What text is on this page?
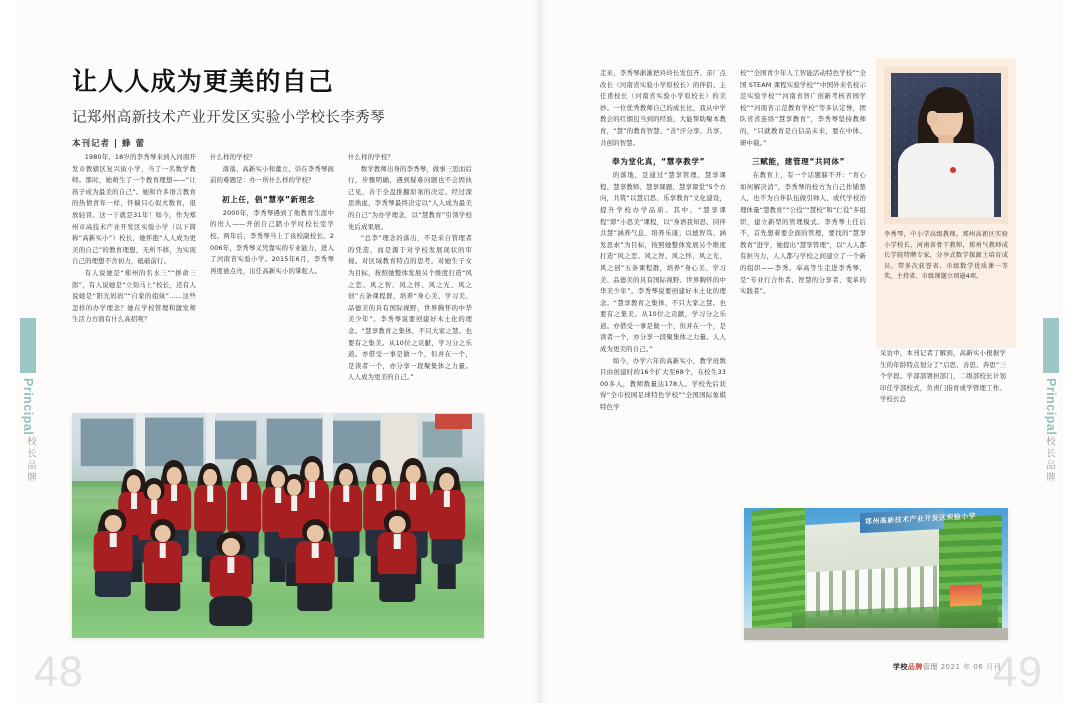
Principal
校长品牌
让人人成为更美的自己
记郑州高新技术产业开发区实验小学校长李秀琴
本刊记者 | 蜂 蕾

1980年，18岁的李秀琴来到入河南开发市教辖区复兴街小学，当了一名数学教师。那时，她萌生了一个教育理想——“让孩子成为最美的自己”。她和许多语言教育的热情青年一样，怀揣只心似火数育，很放轻冒。这一干就是31年！如今，作为郑州市高技术产业开发区实验小学（以下简称“高新实小”）校长，她怀抱“人人成为更美的自己”的教育理想，无所不移，为实现自己的理想不舍初力，砥砺前行。

有人说她是“郑州的名水三”“拼命三郎”，有人说她是“立刻马上”校长，还有人说她是“阳光妈妈”“自家的姐妹”……这些怎样的办学理念？她在学校管理和激发师生活力方面有什么高招呢？

什么样的学校？

落落、高新实小和董立、崇在李秀琴面前的难题是：办一所什么样的学校？

初上任，倡“慧享”新理念

2000年，李秀琴遇到了他教育生涯中的贵人——开创自己踏小学时校长室学校。两年后，李秀琴当上了该校副校长。2006年，李秀琴又凭靠实的专业能力，进入了河南省实验小学。2015年6月，李秀琴再度被点亮，出任高新实小的掌舵人。

什么样的学校？

数学教师出身的李秀琴，做事三思而后行，步骤明确，遇到疑难问题也不会固执己见，善于全盘推翻原案的决定。经过深思熟虑，李秀琴最终决定以“人人成为最美的自己”为办学理念，以“慧教育”引领学校先后成果展。

“总李”理念的落出，不是来自管理者的凭造，而是源于对学校发展现状的审视。对区域教育特点的思考。对她生子女为目标，按照她整体发展另个维度打造“风之恋、风之智、风之怀、风之光、风之创”五条课程群，培养“身心美、学习美、品德美的具有国际视野，世界胸怀的中华美少年”。李秀琴说要创建好木土化的理念。“慧享教育之集体，不只大家之慧。也要有之集美。从10位之贡献，学习分之乐道。亦借受一事是做一个，但并在一个，是读者一个，亦分享一段聚集体之力量。人人成为更美的自己。”

48
Principal
校长品牌
49
学校品牌管理 2021 年 06 月刊

走来，李秀琴渐渐把玲玲长发包齐、亲厂点改长（河南省实验小学原校长）的伴侣、主任甫校长（河南省实验小学原校长）的美妙。一位优秀教师自己的成长比，我从中学教会的红烟包当到的经验，大能帮助聚本教育，“慧”的教育智慧、“善”汗分享、共享、共创的智慧。

奉为堂化真，“慧享教学”

的落地，是通过“慧享管理、慧享课程、慧享教师、慧享课题、慧享课堂”5个方向，共筑“以慧启思、乐享教育”文化建设，提升学校办学品质。其中，“慧享课程”即“小思美”课程，以“身语我知思、同伴共慧”涵养气息、培养乐康；以德智笃、涵发思索”为目标，按照她整体发展另个维度打造“风之恋、风之智、风之怀、风之光、风之创”五条课程群，培养“身心美、学习美、品德美的具有国际视野、世界胸怀的中华美少年”。李秀琴说要创建好木土化的理念。“慧享教育之集体，不只大家之慧。也要有之集美。从10位之贡献，学习分之乐道。亦借受一事是做一个，但并在一个，是读者一个，亦分享一段聚集体之力量。人人成为更美的自己。”

如今，办学六年的高新实小，教学班数目由创建时的16个扩大至68个，在校生3300多人，教师数量达178人。学校先后获得“全市校园足球特色学校”“全国国际象棋特色学

校”“全国青少年人工智能活动特色学校”“全国 STEAM 课程实验学校”“中国外来名校示范实验学校”“河南省智广创新考核省园学校”“河南省示范教育学校”等多认定誉，团队省省连络“慧享教育”，李秀琴坚持教师的，“只就教育是自信品未来，要在中体、研中载。”

三赋能，建管理“共同体”

在教育上，有一个话题躲不开：“育心如何解决消”，李秀琴的校方为自己作铺垫人，也不为自伴队伍做引帅人，或代学校治理体量“慧教育”“公役”“慧校”和“仁役”多组织，建立新型的管理模式。李秀琴上任后不，首先想着要全面的管理，要找的“慧享教育”进学，她提出“慧享管理”，以“人人都有担当力，人人都与学校之间建立了一个新的组织——李秀。奉高等生走进李秀琴，是“专业行合作者、智慧的分享者、变革的实践者”。

李秀琴，中小学高级教师，郑州高新区实验小学校长，河南省骨干教师，郑州气教师成长学院特聘专家，分享式数学探源土培育成员，带多次获誉省、市级数学优质课一等奖，主持省、市级课题立项逾4项。

采访中，本刊记者了解到，高新实小根据学生的年龄特点划分了“启思、善思、奔思”三个学段。学部部署担部门，二级部校长计划印任学部校式，负责门指育或学管理工作。学校长总

郑州高新技术产业开发区实验小学
